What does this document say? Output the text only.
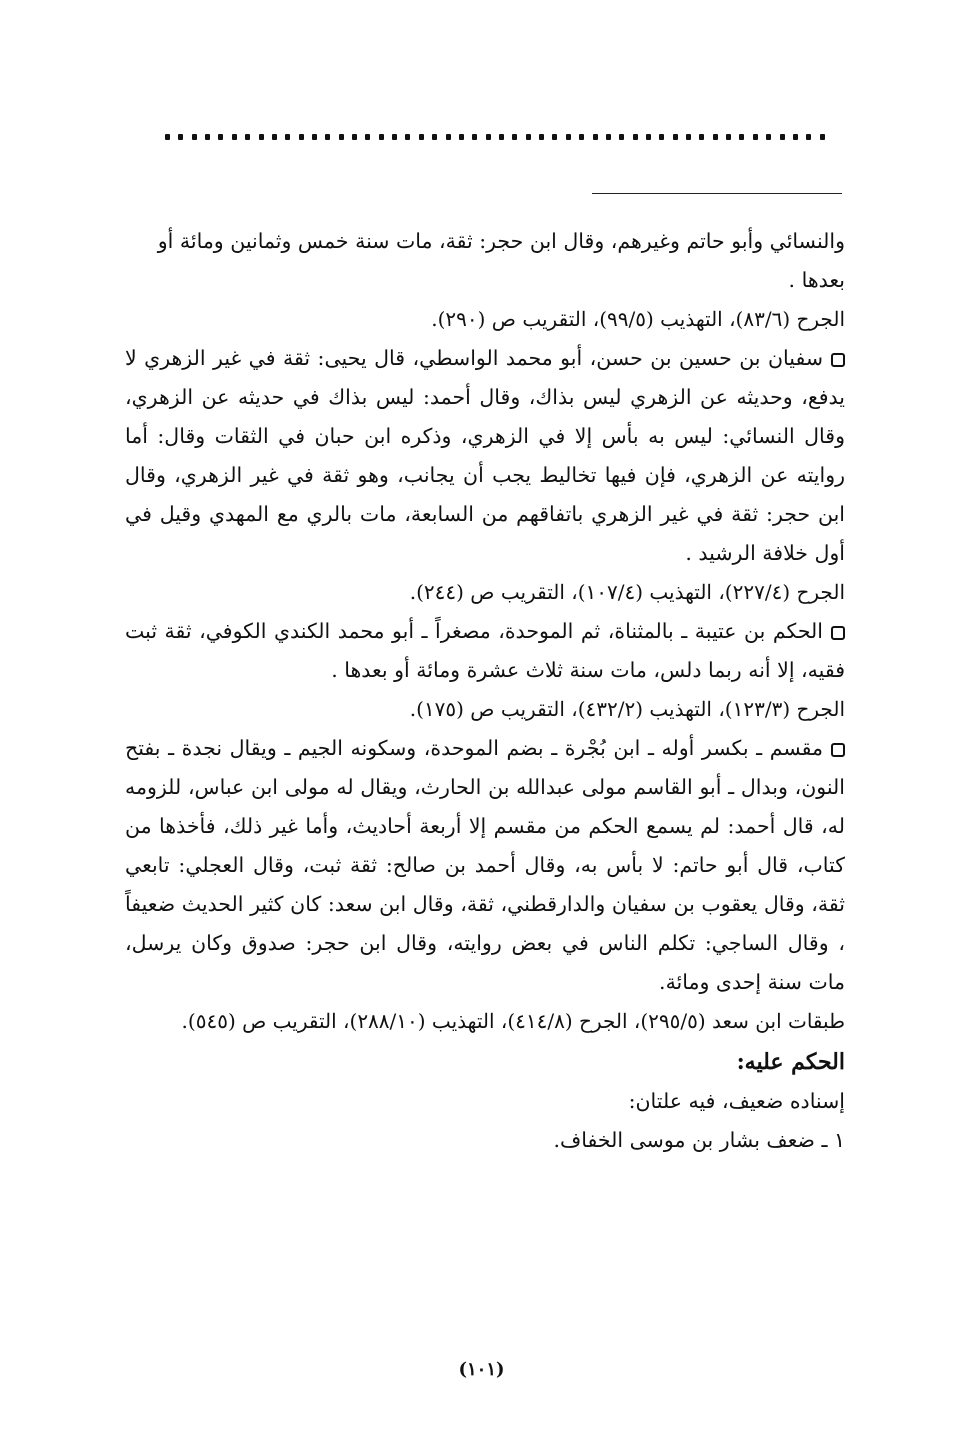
والنسائي وأبو حاتم وغيرهم، وقال ابن حجر: ثقة، مات سنة خمس وثمانين ومائة أو

بعدها .

الجرح (٨٣/٦)، التهذيب (٩٩/٥)، التقريب ص (٢٩٠).

سفيان بن حسين بن حسن، أبو محمد الواسطي، قال يحيى: ثقة في غير الزهري لا يدفع، وحديثه عن الزهري ليس بذاك، وقال أحمد: ليس بذاك في حديثه عن الزهري، وقال النسائي: ليس به بأس إلا في الزهري، وذكره ابن حبان في الثقات وقال: أما روايته عن الزهري، فإن فيها تخاليط يجب أن يجانب، وهو ثقة في غير الزهري، وقال ابن حجر: ثقة في غير الزهري باتفاقهم من السابعة، مات بالري مع المهدي وقيل في أول خلافة الرشيد .

الجرح (٢٢٧/٤)، التهذيب (١٠٧/٤)، التقريب ص (٢٤٤).

الحكم بن عتيبة ـ بالمثناة، ثم الموحدة، مصغراً ـ أبو محمد الكندي الكوفي، ثقة ثبت فقيه، إلا أنه ربما دلس، مات سنة ثلاث عشرة ومائة أو بعدها .

الجرح (١٢٣/٣)، التهذيب (٤٣٢/٢)، التقريب ص (١٧٥).

مقسم ـ بكسر أوله ـ ابن بُجْرة ـ بضم الموحدة، وسكونه الجيم ـ ويقال نجدة ـ بفتح النون، وبدال ـ أبو القاسم مولى عبدالله بن الحارث، ويقال له مولى ابن عباس، للزومه له، قال أحمد: لم يسمع الحكم من مقسم إلا أربعة أحاديث، وأما غير ذلك، فأخذها من كتاب، قال أبو حاتم: لا بأس به، وقال أحمد بن صالح: ثقة ثبت، وقال العجلي: تابعي ثقة، وقال يعقوب بن سفيان والدارقطني، ثقة، وقال ابن سعد: كان كثير الحديث ضعيفاً ، وقال الساجي: تكلم الناس في بعض روايته، وقال ابن حجر: صدوق وكان يرسل، مات سنة إحدى ومائة.

طبقات ابن سعد (٢٩٥/٥)، الجرح (٤١٤/٨)، التهذيب (٢٨٨/١٠)، التقريب ص (٥٤٥).

الحكم عليه:

إسناده ضعيف، فيه علتان:

١ ـ ضعف بشار بن موسى الخفاف.

(١٠١)
